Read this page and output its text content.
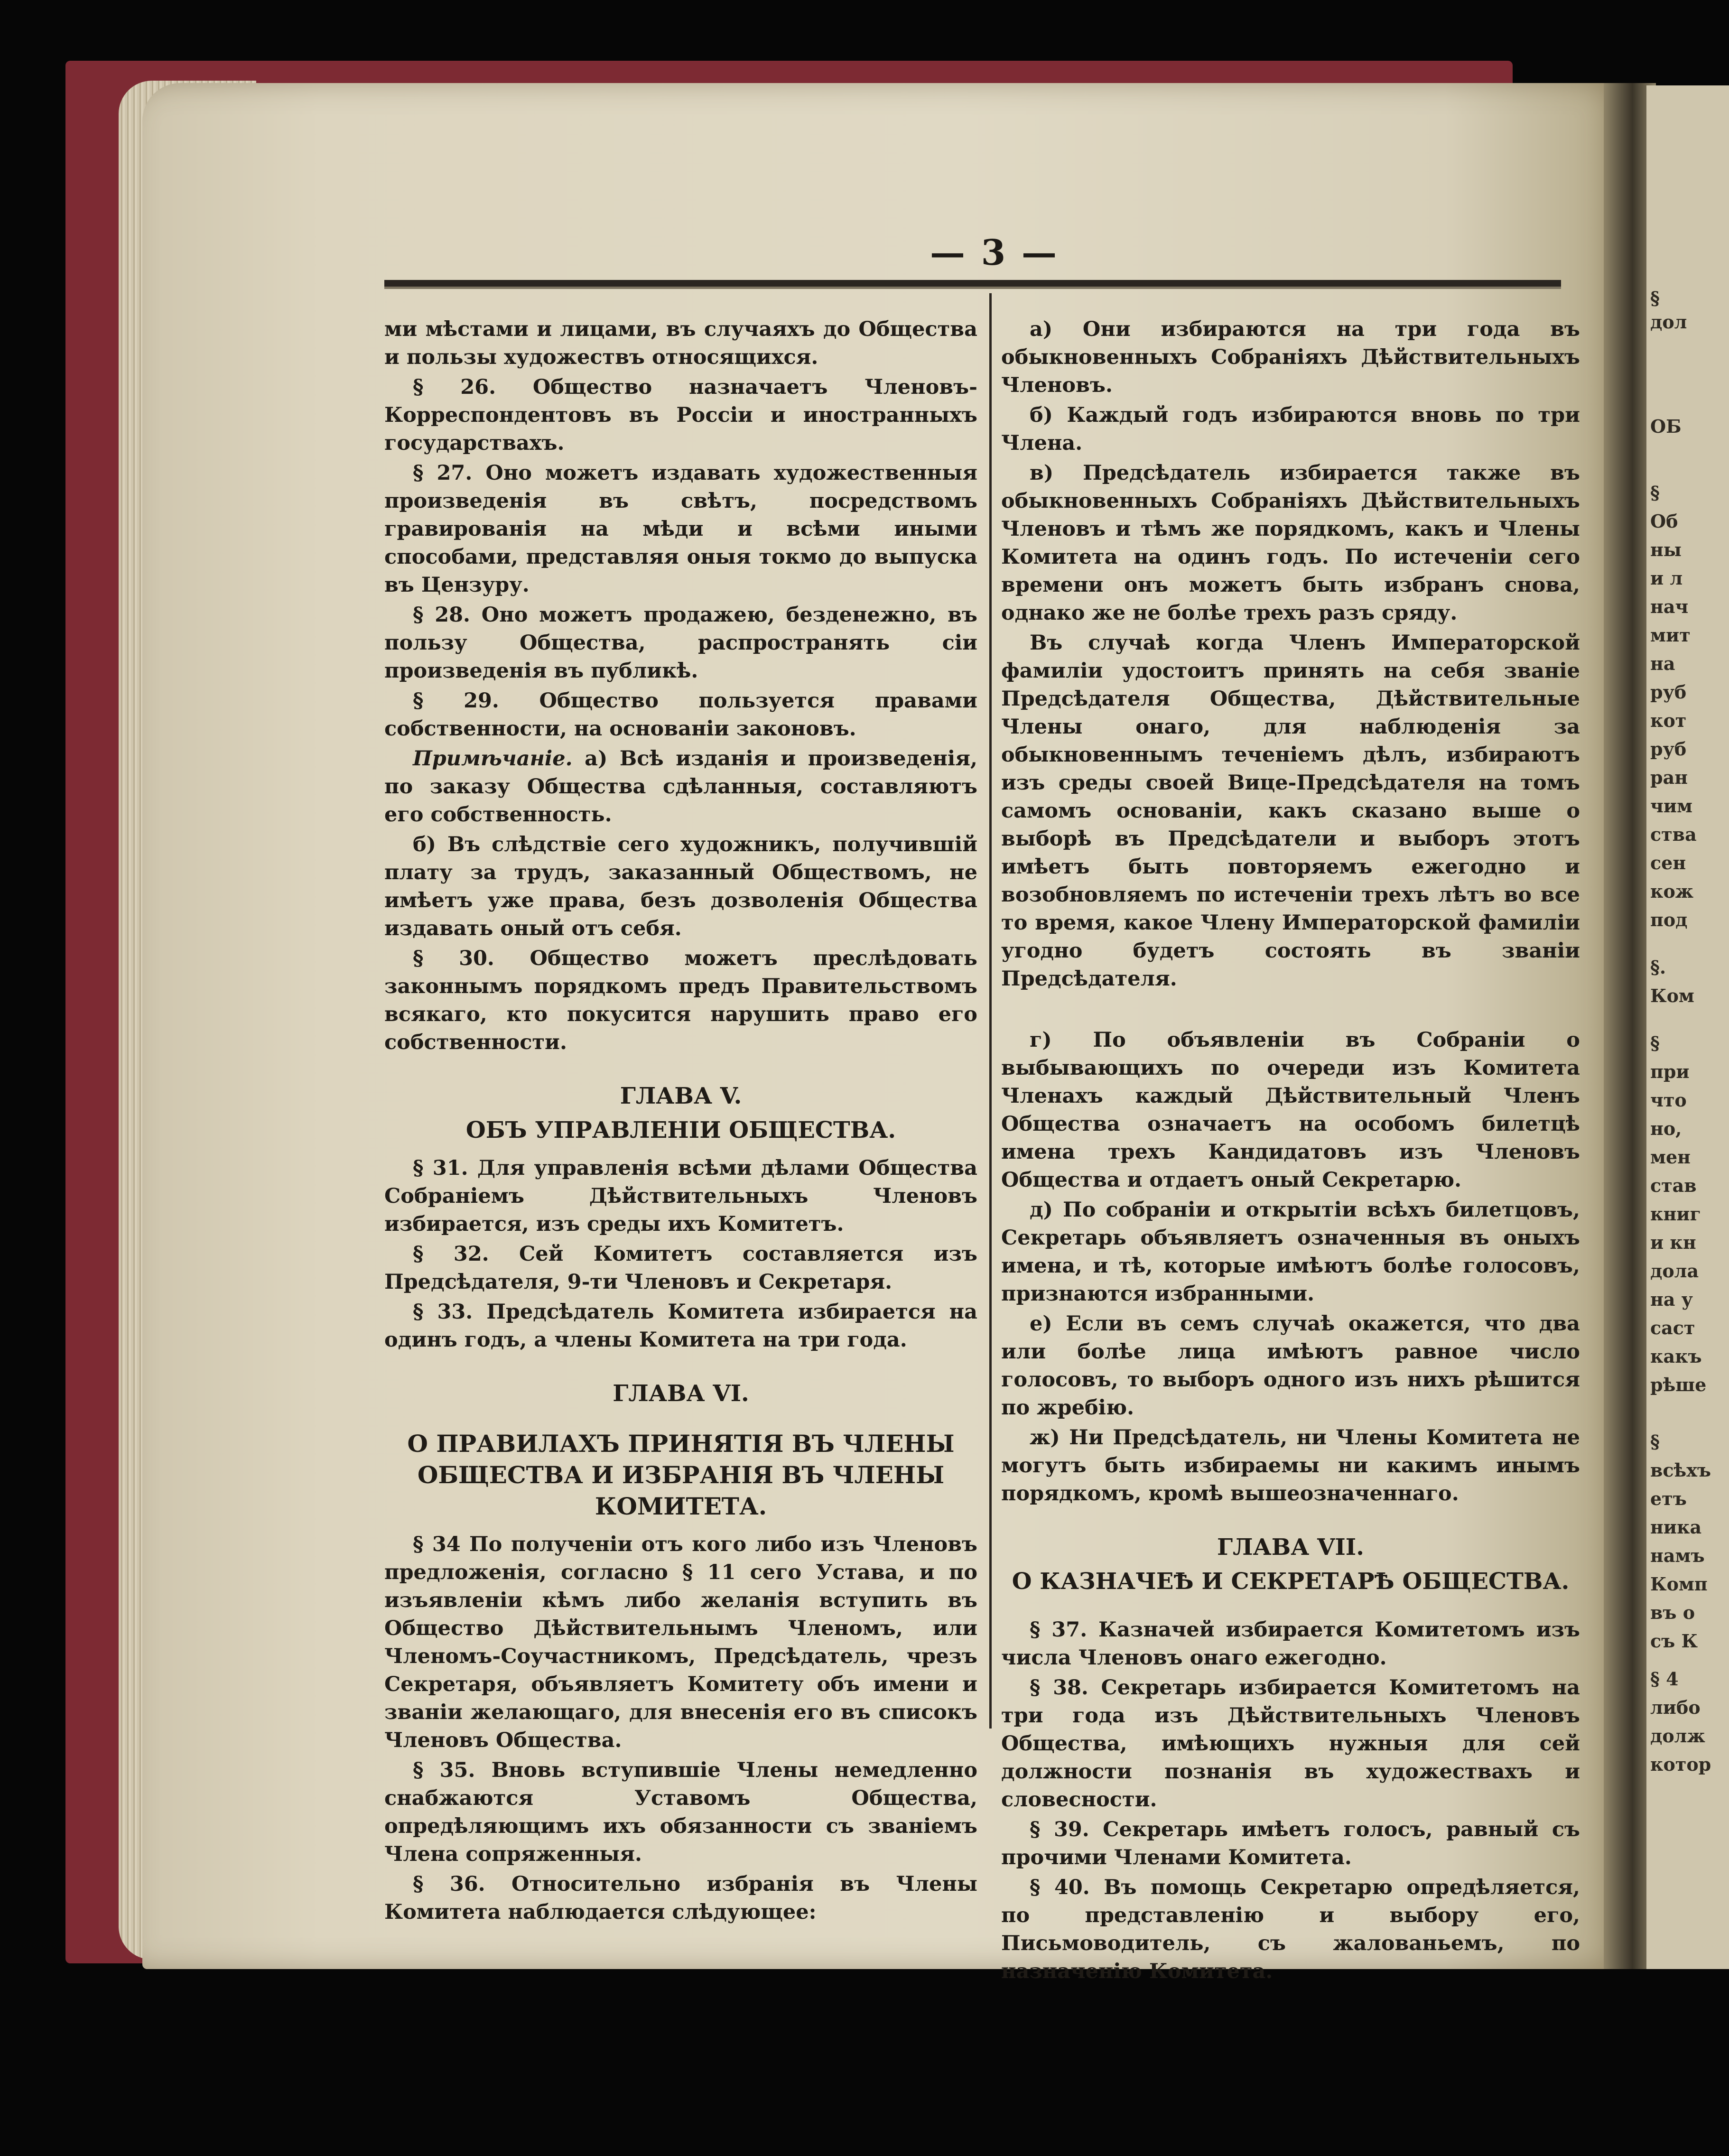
§
дол
ОБ
§
Об
ны
и л
нач
мит
на
руб
кот
руб
ран
чим
ства
сен
кож
под
§.
Ком
§
при
что
но,
мен
став
книг
и кн
дола
на у
саст
какъ
рѣше
§
всѣхъ
етъ
ника
намъ
Комп
въ о
съ К
§ 4
либо
долж
котор
— 3 —

ми мѣстами и лицами, въ случаяхъ до Общества и пользы художествъ относящихся.

§ 26. Общество назначаетъ Членовъ-Корреспондентовъ въ Россіи и иностранныхъ государствахъ.

§ 27. Оно можетъ издавать художественныя произведенія въ свѣтъ, посредствомъ гравированія на мѣди и всѣми иными способами, представляя оныя токмо до выпуска въ Цензуру.

§ 28. Оно можетъ продажею, безденежно, въ пользу Общества, распространять сіи произведенія въ публикѣ.

§ 29. Общество пользуется правами собственности, на основаніи законовъ.

Примѣчаніе. а) Всѣ изданія и произведенія, по заказу Общества сдѣланныя, составляютъ его собственность.

б) Въ слѣдствіе сего художникъ, получившій плату за трудъ, заказанный Обществомъ, не имѣетъ уже права, безъ дозволенія Общества издавать оный отъ себя.

§ 30. Общество можетъ преслѣдовать законнымъ порядкомъ предъ Правительствомъ всякаго, кто покусится нарушить право его собственности.

ГЛАВА V.
ОБЪ УПРАВЛЕНІИ ОБЩЕСТВА.

§ 31. Для управленія всѣми дѣлами Общества Собраніемъ Дѣйствительныхъ Членовъ избирается, изъ среды ихъ Комитетъ.

§ 32. Сей Комитетъ составляется изъ Предсѣдателя, 9-ти Членовъ и Секретаря.

§ 33. Предсѣдатель Комитета избирается на одинъ годъ, а члены Комитета на три года.

ГЛАВА VI.
О ПРАВИЛАХЪ ПРИНЯТІЯ ВЪ ЧЛЕНЫ ОБЩЕСТВА И ИЗБРАНІЯ ВЪ ЧЛЕНЫ КОМИТЕТА.

§ 34 По полученіи отъ кого либо изъ Членовъ предложенія, согласно § 11 сего Устава, и по изъявленіи кѣмъ либо желанія вступить въ Общество Дѣйствительнымъ Членомъ, или Членомъ-Соучастникомъ, Предсѣдатель, чрезъ Секретаря, объявляетъ Комитету объ имени и званіи желающаго, для внесенія его въ списокъ Членовъ Общества.

§ 35. Вновь вступившіе Члены немедленно снабжаются Уставомъ Общества, опредѣляющимъ ихъ обязанности съ званіемъ Члена сопряженныя.

§ 36. Относительно избранія въ Члены Комитета наблюдается слѣдующее:

а) Они избираются на три года въ обыкновенныхъ Собраніяхъ Дѣйствительныхъ Членовъ.

б) Каждый годъ избираются вновь по три Члена.

в) Предсѣдатель избирается также въ обыкновенныхъ Собраніяхъ Дѣйствительныхъ Членовъ и тѣмъ же порядкомъ, какъ и Члены Комитета на одинъ годъ. По истеченіи сего времени онъ можетъ быть избранъ снова, однако же не болѣе трехъ разъ сряду.

Въ случаѣ когда Членъ Императорской фамиліи удостоитъ принять на себя званіе Предсѣдателя Общества, Дѣйствительные Члены онаго, для наблюденія за обыкновеннымъ теченіемъ дѣлъ, избираютъ изъ среды своей Вице-Предсѣдателя на томъ самомъ основаніи, какъ сказано выше о выборѣ въ Предсѣдатели и выборъ этотъ имѣетъ быть повторяемъ ежегодно и возобновляемъ по истеченіи трехъ лѣтъ во все то время, какое Члену Императорской фамиліи угодно будетъ состоять въ званіи Предсѣдателя.

г) По объявленіи въ Собраніи о выбывающихъ по очереди изъ Комитета Членахъ каждый Дѣйствительный Членъ Общества означаетъ на особомъ билетцѣ имена трехъ Кандидатовъ изъ Членовъ Общества и отдаетъ оный Секретарю.

д) По собраніи и открытіи всѣхъ билетцовъ, Секретарь объявляетъ означенныя въ оныхъ имена, и тѣ, которые имѣютъ болѣе голосовъ, признаются избранными.

е) Если въ семъ случаѣ окажется, что два или болѣе лица имѣютъ равное число голосовъ, то выборъ одного изъ нихъ рѣшится по жребію.

ж) Ни Предсѣдатель, ни Члены Комитета не могутъ быть избираемы ни какимъ инымъ порядкомъ, кромѣ вышеозначеннаго.

ГЛАВА VII.
О КАЗНАЧЕѢ И СЕКРЕТАРѢ ОБЩЕСТВА.

§ 37. Казначей избирается Комитетомъ изъ числа Членовъ онаго ежегодно.

§ 38. Секретарь избирается Комитетомъ на три года изъ Дѣйствительныхъ Членовъ Общества, имѣющихъ нужныя для сей должности познанія въ художествахъ и словесности.

§ 39. Секретарь имѣетъ голосъ, равный съ прочими Членами Комитета.

§ 40. Въ помощь Секретарю опредѣляется, по представленію и выбору его, Письмоводитель, съ жалованьемъ, по назначенію Комитета.
